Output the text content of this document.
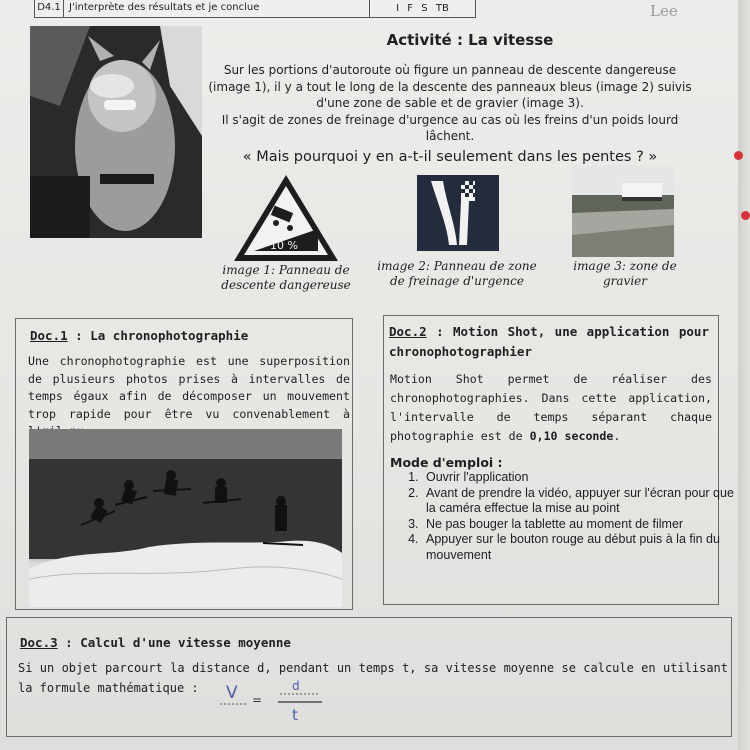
D4.1 J'interprète des résultats et je conclue	I F S TB	Lee
Activité : La vitesse

Sur les portions d'autoroute où figure un panneau de descente dangereuse (image 1), il y a tout le long de la descente des panneaux bleus (image 2) suivis d'une zone de sable et de gravier (image 3).

Il s'agit de zones de freinage d'urgence au cas où les freins d'un poids lourd lâchent.

« Mais pourquoi y en a-t-il seulement dans les pentes ? »
10 %
image 1: Panneau de descente dangereuse
image 2: Panneau de zone de freinage d'urgence
image 3: zone de gravier
Doc.1 : La chronophotographie
Une chronophotographie est une superposition de plusieurs photos prises à intervalles de temps égaux afin de décomposer un mouvement trop rapide pour être vu convenablement à
Doc.2 : Motion Shot, une application pour chronophotographier
Motion Shot permet de réaliser des chronophotographies. Dans cette application, l'intervalle de temps séparant chaque photographie est de 0,10 seconde.
Mode d'emploi :
1. Ouvrir l'application
2. Avant de prendre la vidéo, appuyer sur l'écran pour que la caméra effectue la mise au point
3. Ne pas bouger la tablette au moment de filmer
4. Appuyer sur le bouton rouge au début puis à la fin du mouvement
Doc.3 : Calcul d'une vitesse moyenne
Si un objet parcourt la distance d, pendant un temps t, sa vitesse moyenne se calcule en utilisant la formule mathématique :	V =
d
t
